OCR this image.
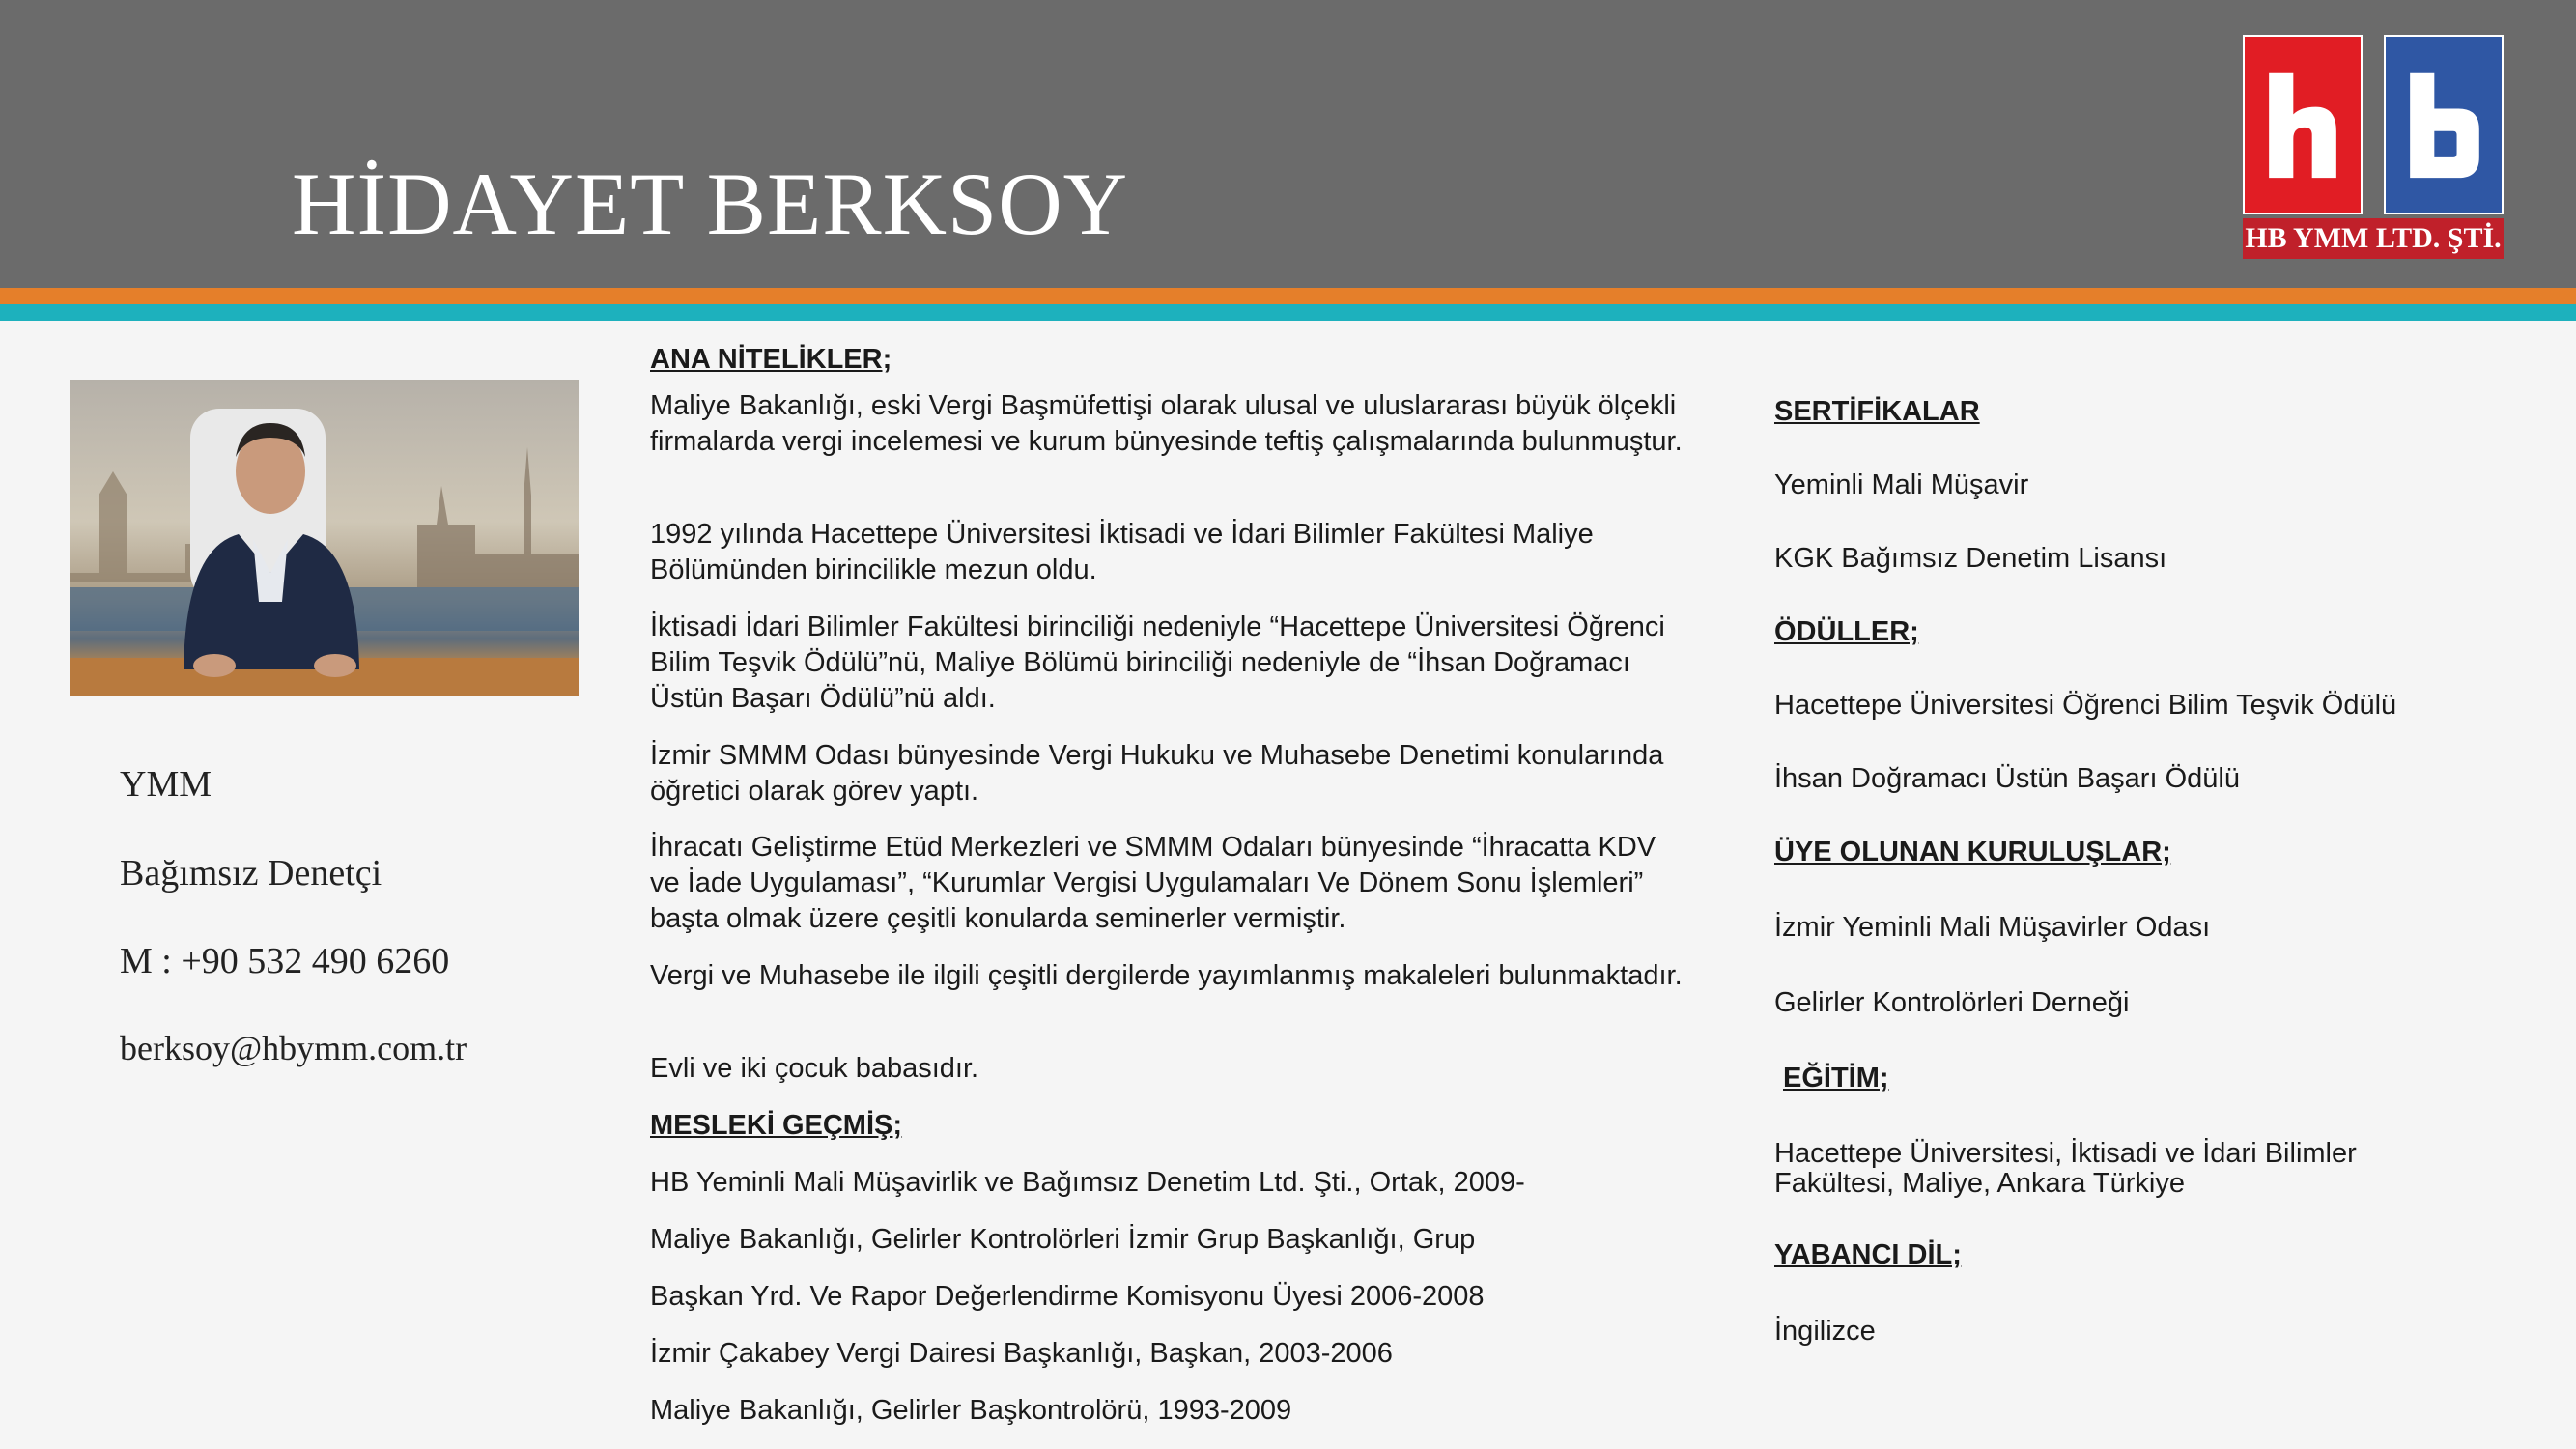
HİDAYET BERKSOY	HB YMM LTD. ŞTİ.

YMM

Bağımsız Denetçi

M : +90 532 490 6260

berksoy@hbymm.com.tr

ANA NİTELİKLER;

Maliye Bakanlığı, eski Vergi Başmüfettişi olarak ulusal ve uluslararası büyük ölçekli firmalarda vergi incelemesi ve kurum bünyesinde teftiş çalışmalarında bulunmuştur.

1992 yılında Hacettepe Üniversitesi İktisadi ve İdari Bilimler Fakültesi Maliye Bölümünden birincilikle mezun oldu.

İktisadi İdari Bilimler Fakültesi birinciliği nedeniyle “Hacettepe Üniversitesi Öğrenci Bilim Teşvik Ödülü”nü, Maliye Bölümü birinciliği nedeniyle de “İhsan Doğramacı Üstün Başarı Ödülü”nü aldı.

İzmir SMMM Odası bünyesinde Vergi Hukuku ve Muhasebe Denetimi konularında öğretici olarak görev yaptı.

İhracatı Geliştirme Etüd Merkezleri ve SMMM Odaları bünyesinde “İhracatta KDV ve İade Uygulaması”, “Kurumlar Vergisi Uygulamaları Ve Dönem Sonu İşlemleri” başta olmak üzere çeşitli konularda seminerler vermiştir.

Vergi ve Muhasebe ile ilgili çeşitli dergilerde yayımlanmış makaleleri bulunmaktadır.

Evli ve iki çocuk babasıdır.

MESLEKİ GEÇMİŞ;

HB Yeminli Mali Müşavirlik ve Bağımsız Denetim Ltd. Şti., Ortak, 2009-

Maliye Bakanlığı, Gelirler Kontrolörleri İzmir Grup Başkanlığı, Grup

Başkan Yrd. Ve Rapor Değerlendirme Komisyonu Üyesi 2006-2008

İzmir Çakabey Vergi Dairesi Başkanlığı, Başkan, 2003-2006

Maliye Bakanlığı, Gelirler Başkontrolörü, 1993-2009

SERTİFİKALAR

Yeminli Mali Müşavir

KGK Bağımsız Denetim Lisansı

ÖDÜLLER;

Hacettepe Üniversitesi Öğrenci Bilim Teşvik Ödülü

İhsan Doğramacı Üstün Başarı Ödülü

ÜYE OLUNAN KURULUŞLAR;

İzmir Yeminli Mali Müşavirler Odası

Gelirler Kontrolörleri Derneği

EĞİTİM;

Hacettepe Üniversitesi, İktisadi ve İdari Bilimler

Fakültesi, Maliye, Ankara Türkiye

YABANCI DİL;

İngilizce
